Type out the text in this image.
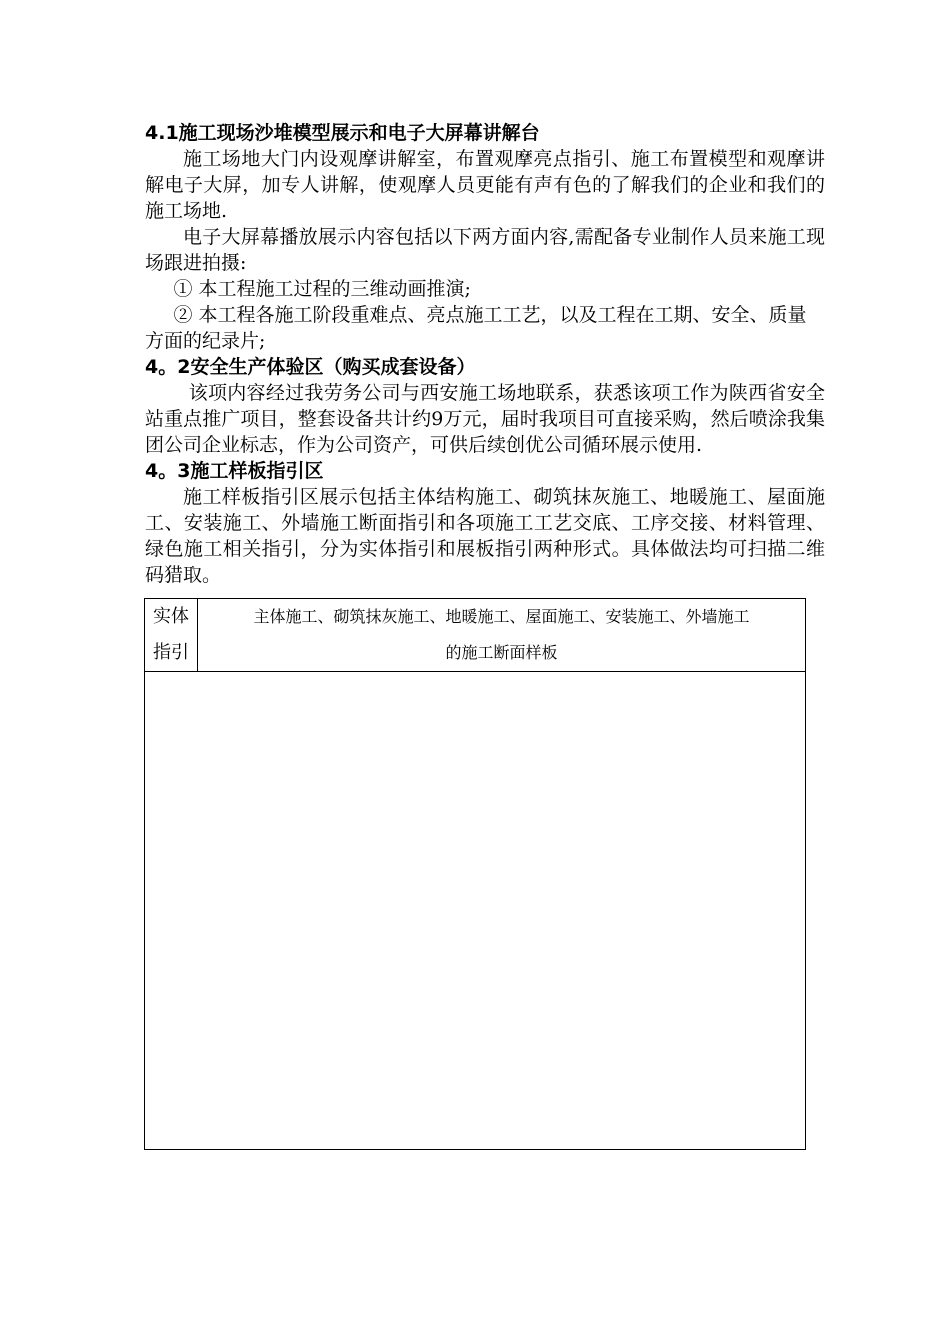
4.1施工现场沙堆模型展示和电子大屏幕讲解台
施工场地大门内设观摩讲解室，布置观摩亮点指引、施工布置模型和观摩讲解电子大屏，加专人讲解，使观摩人员更能有声有色的了解我们的企业和我们的施工场地.
电子大屏幕播放展示内容包括以下两方面内容,需配备专业制作人员来施工现场跟进拍摄:
① 本工程施工过程的三维动画推演;
② 本工程各施工阶段重难点、亮点施工工艺，以及工程在工期、安全、质量方面的纪录片;
4。2安全生产体验区（购买成套设备）
该项内容经过我劳务公司与西安施工场地联系，获悉该项工作为陕西省安全站重点推广项目，整套设备共计约9万元，届时我项目可直接采购，然后喷涂我集团公司企业标志，作为公司资产，可供后续创优公司循环展示使用.
4。3施工样板指引区
施工样板指引区展示包括主体结构施工、砌筑抹灰施工、地暖施工、屋面施工、安装施工、外墙施工断面指引和各项施工工艺交底、工序交接、材料管理、绿色施工相关指引，分为实体指引和展板指引两种形式。具体做法均可扫描二维码猎取。
实体
指引
主体施工、砌筑抹灰施工、地暖施工、屋面施工、安装施工、外墙施工
的施工断面样板
